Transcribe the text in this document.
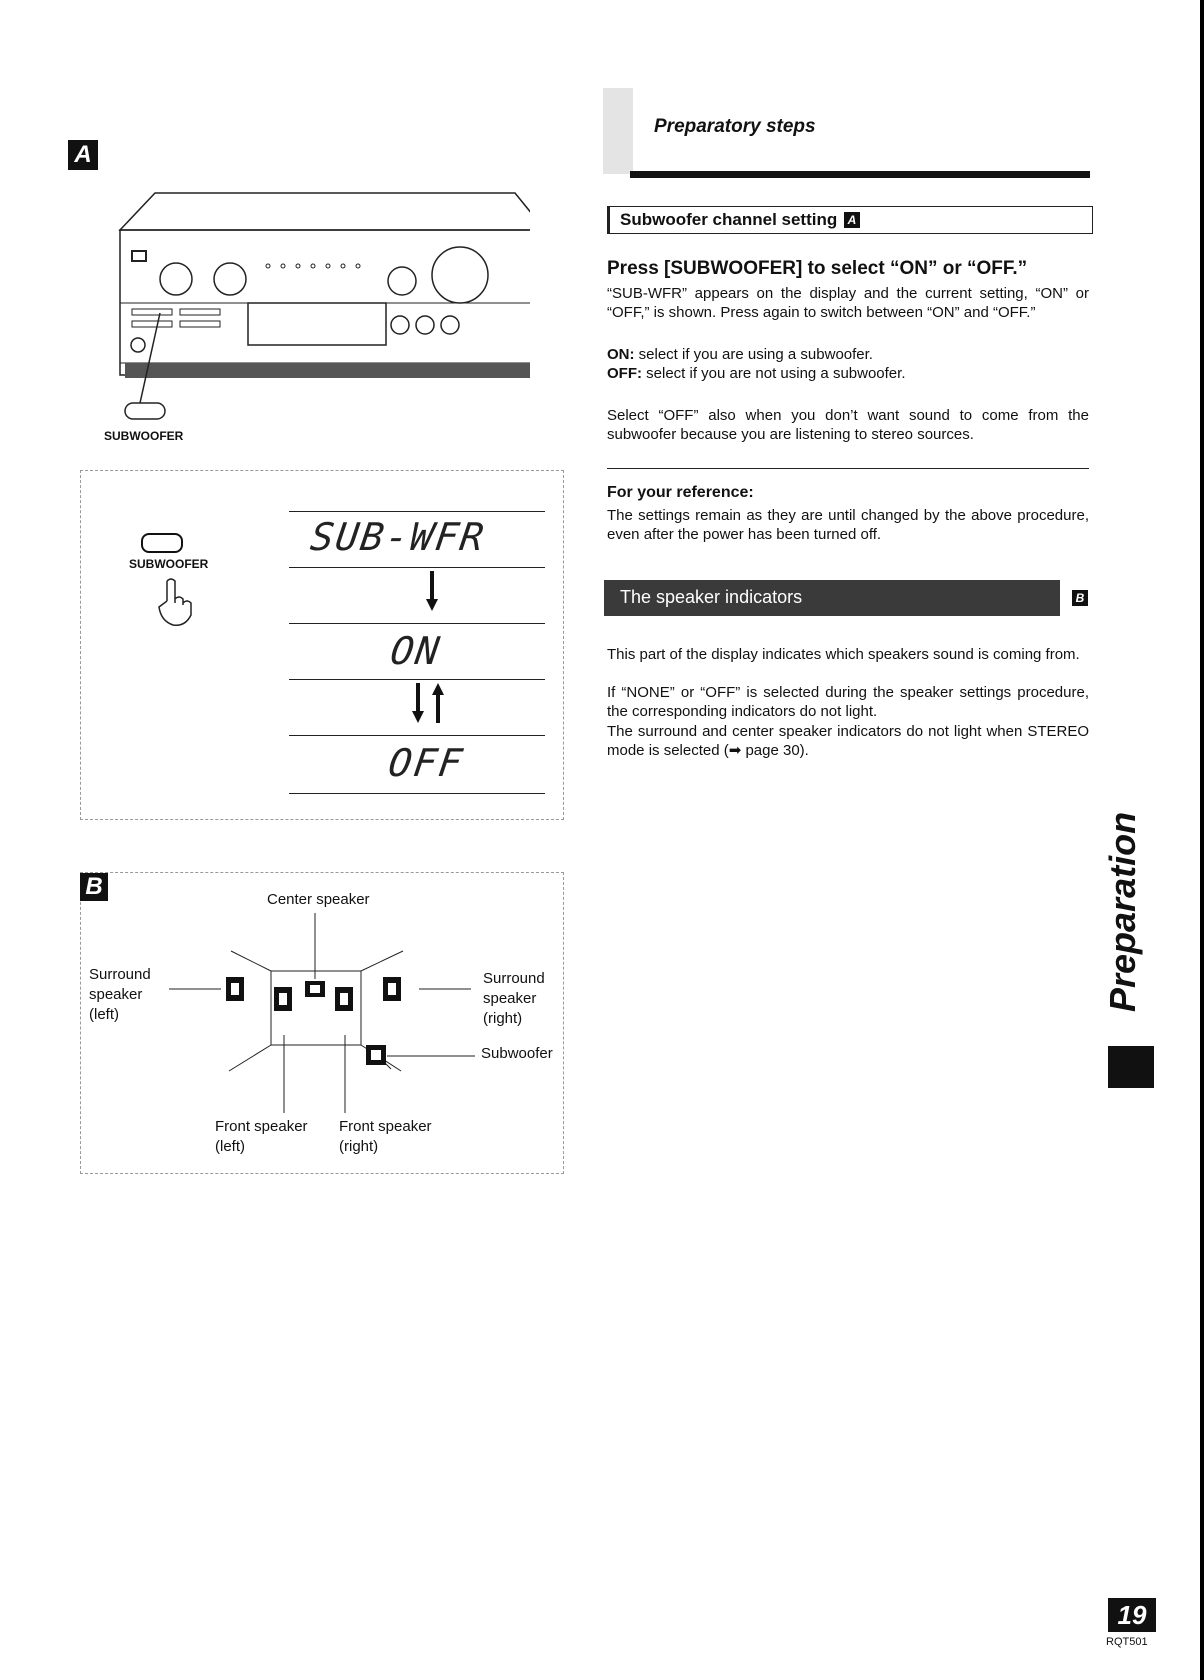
A
SUBWOOFER
SUBWOOFER
SUB-WFR
ON
OFF
B	Center speaker
Surround
speaker
(left)
Surround
speaker
(right)
Subwoofer
Front speaker
(left)
Front speaker
(right)
Preparatory steps
Subwoofer channel setting A
Press [SUBWOOFER] to select “ON” or “OFF.”
“SUB-WFR” appears on the display and the current setting, “ON” or “OFF,” is shown. Press again to switch between “ON” and “OFF.”
ON: select if you are using a subwoofer.
OFF: select if you are not using a subwoofer.
Select “OFF” also when you don’t want sound to come from the subwoofer because you are listening to stereo sources.
For your reference:
The settings remain as they are until changed by the above procedure, even after the power has been turned off.
The speaker indicators	B
This part of the display indicates which speakers sound is coming from.
If “NONE” or “OFF” is selected during the speaker settings procedure, the corresponding indicators do not light.
The surround and center speaker indicators do not light when STEREO mode is selected (➡ page 30).
Preparation
19
RQT501
